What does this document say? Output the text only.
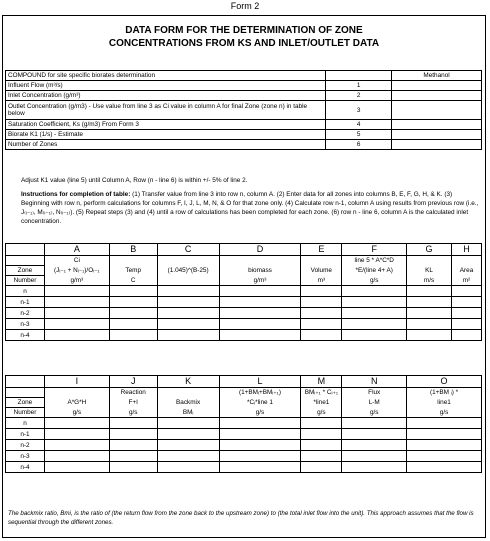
Form 2
DATA FORM FOR THE DETERMINATION OF ZONE
CONCENTRATIONS FROM KS AND INLET/OUTLET DATA
COMPOUND for site specific biorates determination		Methanol
Influent Flow (m³/s)	1	
Inlet Concentration (g/m³)	2	
Outlet Concentration (g/m3) - Use value from line 3 as Ci value in column A for final Zone (zone n) in table below	3	
Saturation Coefficient, Ks (g/m3) From Form 3	4	
Biorate K1 (1/s) - Estimate	5	
Number of Zones	6	
Adjust K1 value (line 5) until Column A, Row (n - line 6) is within +/- 5% of line 2.
Instructions for completion of table: (1) Transfer value from line 3 into row n, column A. (2) Enter data for all zones into columns B, E, F, G, H, & K. (3) Beginning with row n, perform calculations for columns F, I, J, L, M, N, & O for that zone only. (4) Calculate row n-1, column A using results from previous row (i.e., J₍ᵢ₋₁₎, M₍ᵢ₋₁₎, N₍ᵢ₋₁₎). (5) Repeat steps (3) and (4) until a row of calculations has been completed for each zone. (6) row n - line 6, column A is the calculated inlet concentration.
	A	B	C	D	E	F	G	H
	Ci					line 5 * A*C*D		
Zone	(Jᵢ₋₁ + Nᵢ₋₁)/Oᵢ₋₁	Temp	(1.045)^(B-25)	biomass	Volume	*E/(line 4+ A)	KL	Area
Number	g/m³	C		g/m³	m³	g/s	m/s	m²
n								
n-1								
n-2								
n-3								
n-4								
	I	J	K	L	M	N	O
		Reaction		(1+BMᵢ+BMᵢ₊₁)	BMᵢ₊₁ * Cᵢ₊₁	Flux	(1+BM ᵢ) *
Zone	A*G*H	F+I	Backmix	*Cᵢ*line 1	*line1	L-M	line1
Number	g/s	g/s	BMᵢ	g/s	g/s	g/s	g/s
n							
n-1							
n-2							
n-3							
n-4							
The backmix ratio, Bmi, is the ratio of (the return flow from the zone back to the upstream zone) to (the total inlet flow into the unit). This approach assumes that the flow is sequential through the different zones.
